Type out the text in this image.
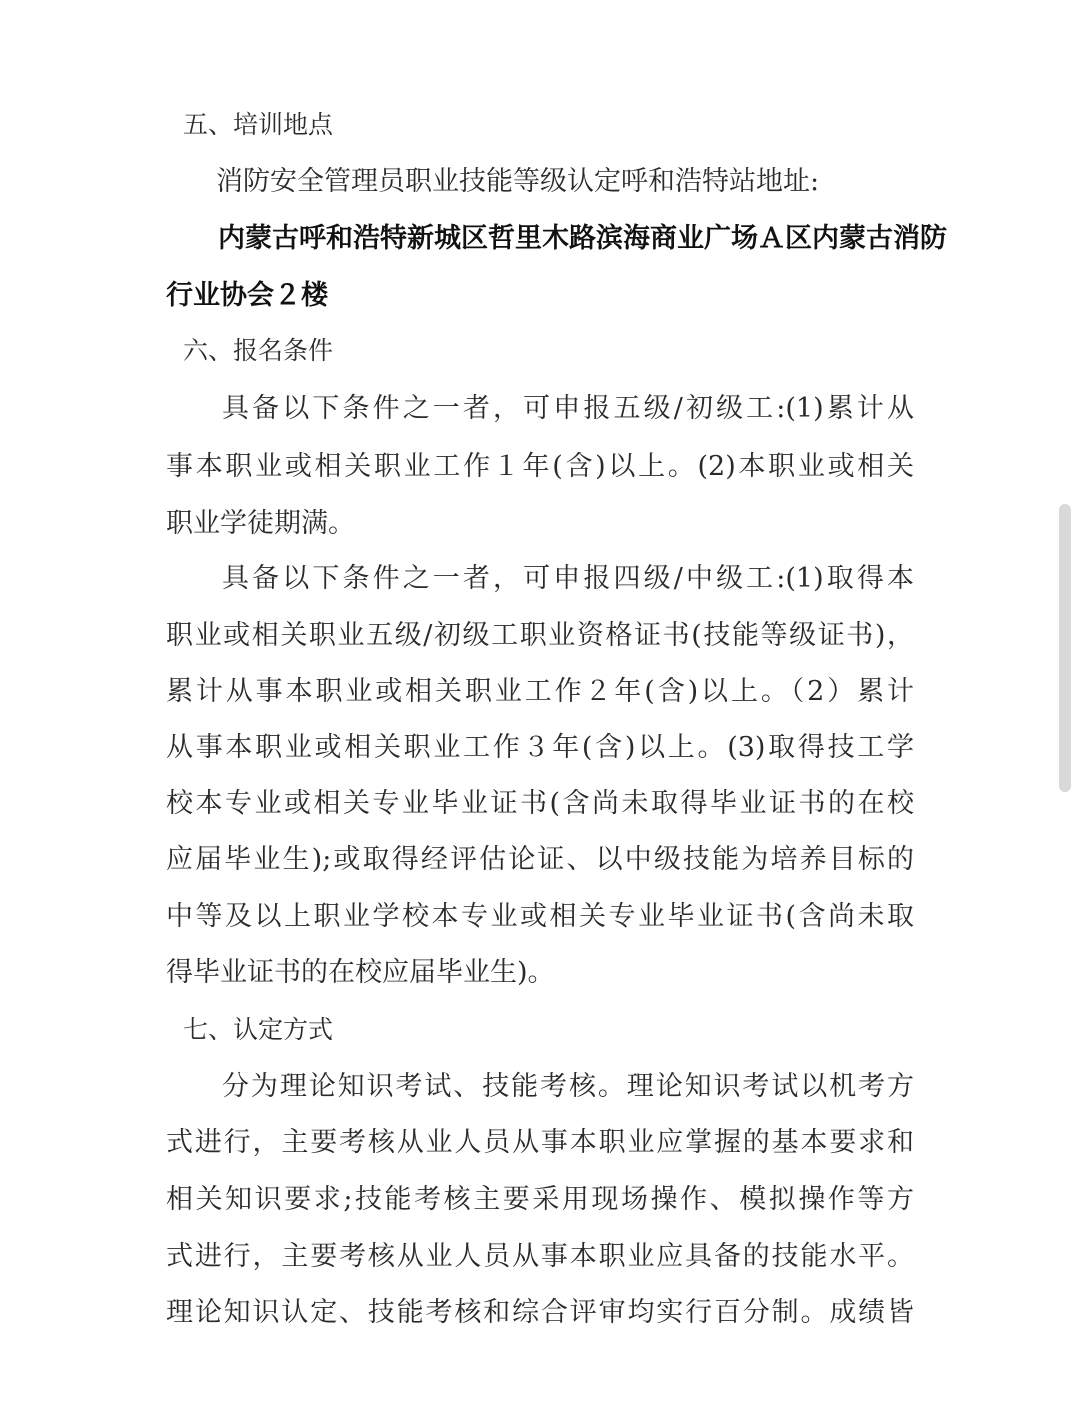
五、培训地点
消防安全管理员职业技能等级认定呼和浩特站地址:
内蒙古呼和浩特新城区哲里木路滨海商业广场Ａ区内蒙古消防
行业协会２楼
六、报名条件
具备以下条件之一者，可申报五级/初级工:(1)累计从
事本职业或相关职业工作１年(含)以上。(2)本职业或相关
职业学徒期满。
具备以下条件之一者，可申报四级/中级工:(1)取得本
职业或相关职业五级/初级工职业资格证书(技能等级证书)，
累计从事本职业或相关职业工作２年(含)以上。（2）累计
从事本职业或相关职业工作３年(含)以上。(3)取得技工学
校本专业或相关专业毕业证书(含尚未取得毕业证书的在校
应届毕业生);或取得经评估论证、以中级技能为培养目标的
中等及以上职业学校本专业或相关专业毕业证书(含尚未取
得毕业证书的在校应届毕业生)。
七、认定方式
分为理论知识考试、技能考核。理论知识考试以机考方
式进行，主要考核从业人员从事本职业应掌握的基本要求和
相关知识要求;技能考核主要采用现场操作、模拟操作等方
式进行，主要考核从业人员从事本职业应具备的技能水平。
理论知识认定、技能考核和综合评审均实行百分制。成绩皆
